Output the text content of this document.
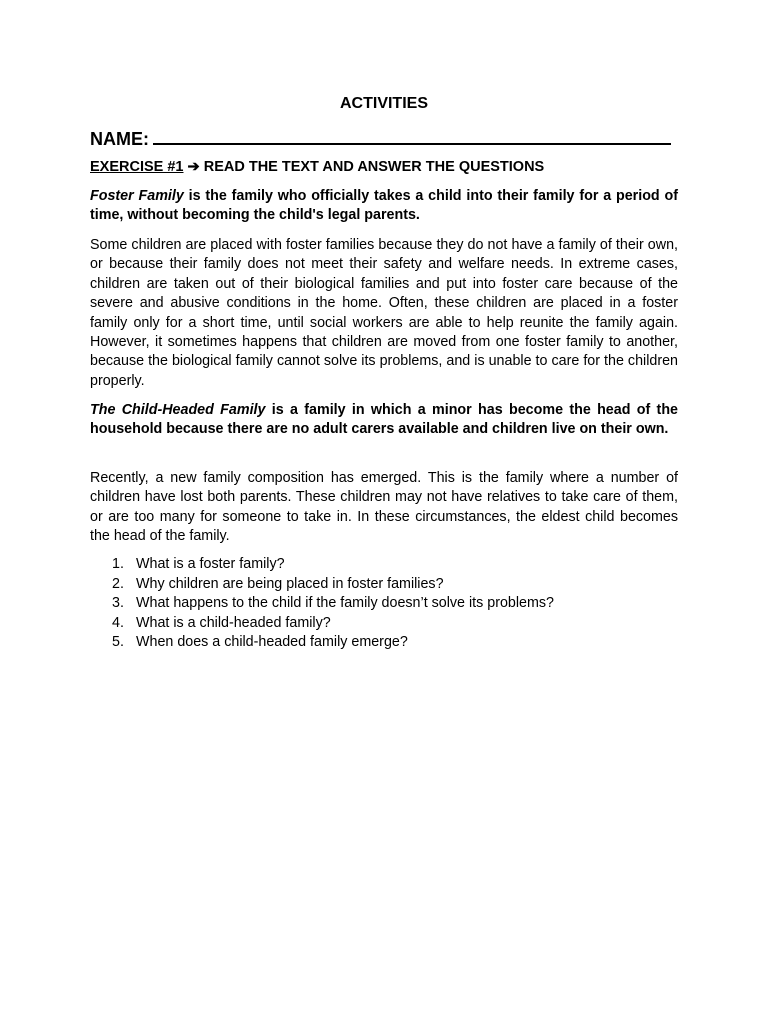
ACTIVITIES
NAME:
EXERCISE #1 ➔ READ THE TEXT AND ANSWER THE QUESTIONS
Foster Family is the family who officially takes a child into their family for a period of time, without becoming the child's legal parents.
Some children are placed with foster families because they do not have a family of their own, or because their family does not meet their safety and welfare needs. In extreme cases, children are taken out of their biological families and put into foster care because of the severe and abusive conditions in the home. Often, these children are placed in a foster family only for a short time, until social workers are able to help reunite the family again. However, it sometimes happens that children are moved from one foster family to another, because the biological family cannot solve its problems, and is unable to care for the children properly.
The Child-Headed Family is a family in which a minor has become the head of the household because there are no adult carers available and children live on their own.
Recently, a new family composition has emerged. This is the family where a number of children have lost both parents. These children may not have relatives to take care of them, or are too many for someone to take in. In these circumstances, the eldest child becomes the head of the family.
1. What is a foster family?
2. Why children are being placed in foster families?
3. What happens to the child if the family doesn’t solve its problems?
4. What is a child-headed family?
5. When does a child-headed family emerge?
